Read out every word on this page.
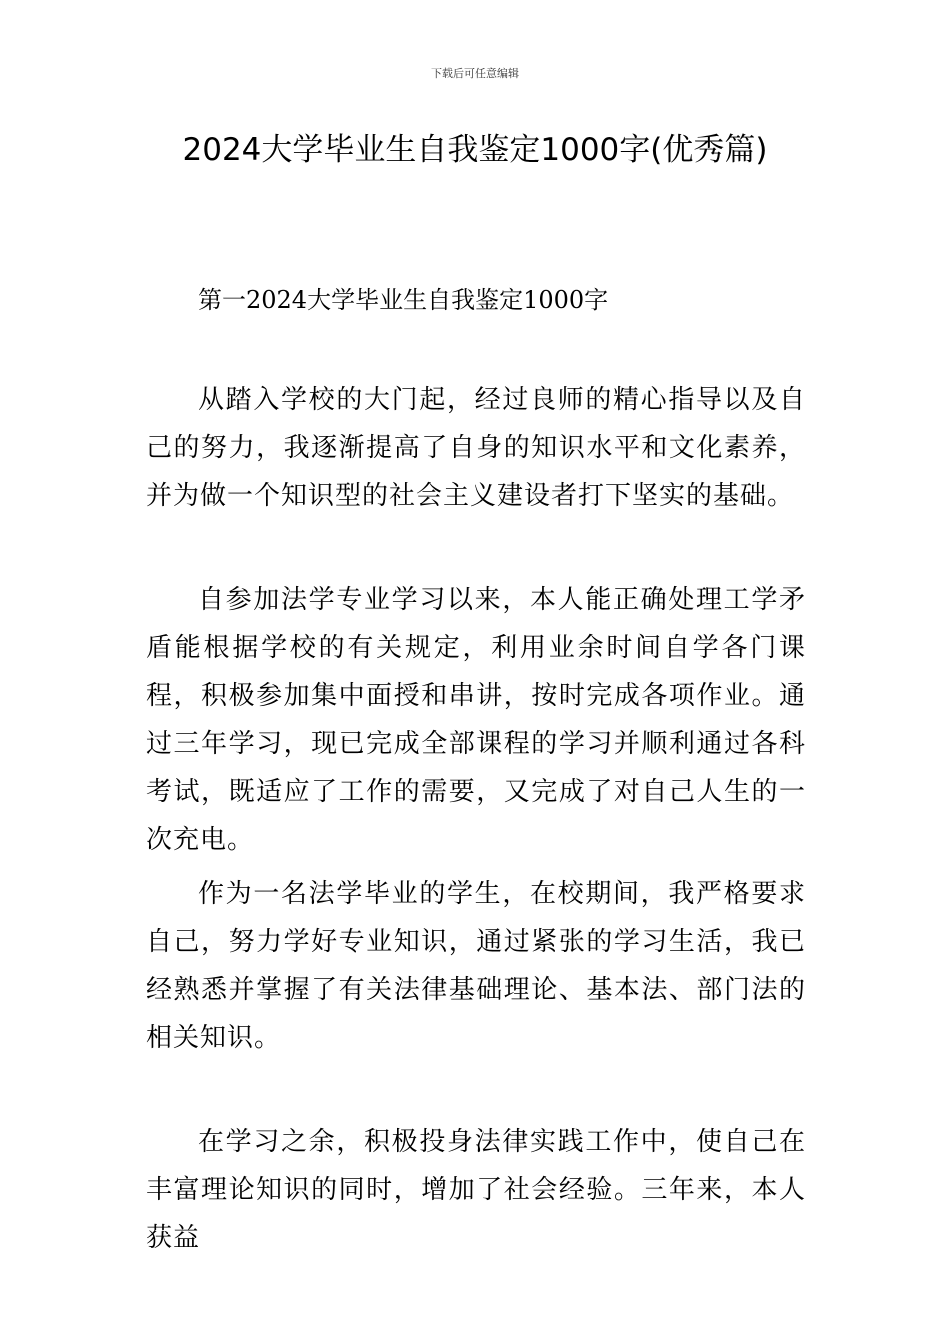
下载后可任意编辑
2024大学毕业生自我鉴定1000字(优秀篇)

第一2024大学毕业生自我鉴定1000字

从踏入学校的大门起，经过良师的精心指导以及自己的努力，我逐渐提高了自身的知识水平和文化素养，并为做一个知识型的社会主义建设者打下坚实的基础。

自参加法学专业学习以来，本人能正确处理工学矛盾能根据学校的有关规定，利用业余时间自学各门课程，积极参加集中面授和串讲，按时完成各项作业。通过三年学习，现已完成全部课程的学习并顺利通过各科考试，既适应了工作的需要，又完成了对自己人生的一次充电。

作为一名法学毕业的学生，在校期间，我严格要求自己，努力学好专业知识，通过紧张的学习生活，我已经熟悉并掌握了有关法律基础理论、基本法、部门法的相关知识。

在学习之余，积极投身法律实践工作中，使自己在丰富理论知识的同时，增加了社会经验。三年来，本人获益
